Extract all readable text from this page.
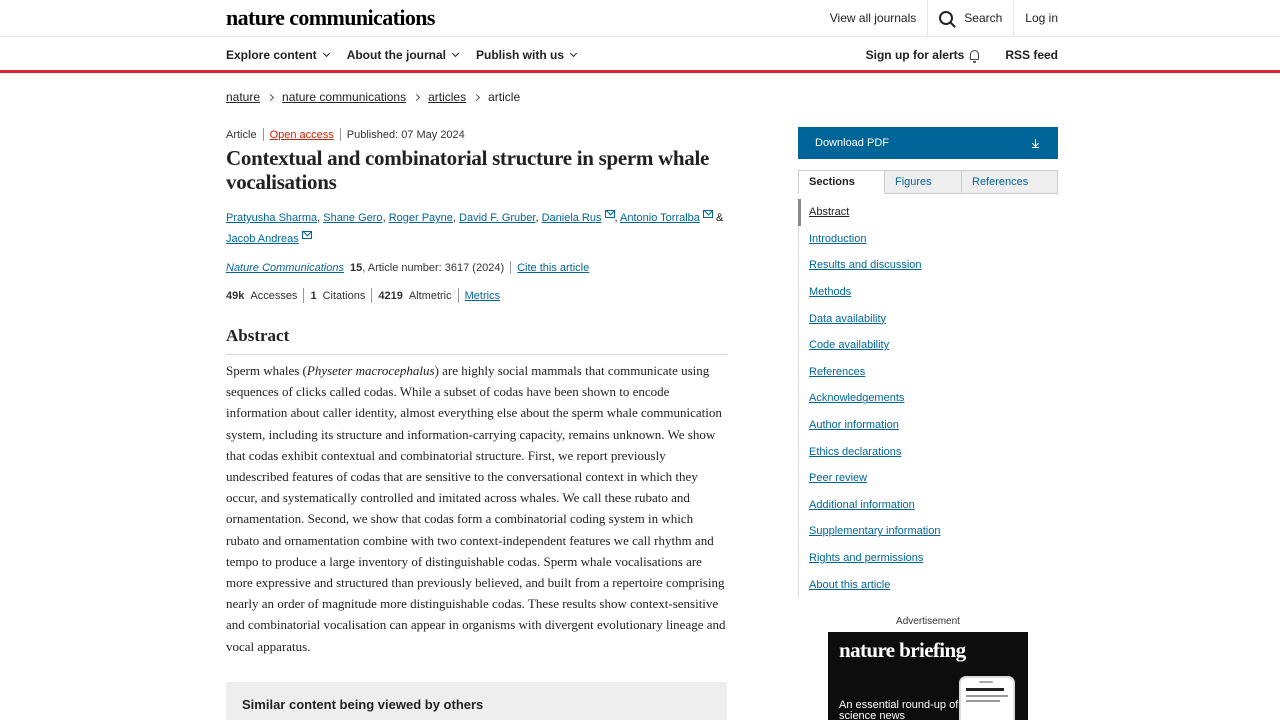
nature communications	View all journals	Search	Log in
Explore content	About the journal	Publish with us	Sign up for alerts	RSS feed
nature nature communications articles article
Article Open access Published: 07 May 2024
Contextual and combinatorial structure in sperm whale vocalisations
Pratyusha Sharma, Shane Gero, Roger Payne, David F. Gruber, Daniela Rus , Antonio Torralba &
Jacob Andreas
Nature Communications 15 , Article number: 3617 (2024) Cite this article
49k Accesses 1 Citations 4219 Altmetric Metrics
Abstract

Sperm whales (Physeter macrocephalus) are highly social mammals that communicate using sequences of clicks called codas. While a subset of codas have been shown to encode information about caller identity, almost everything else about the sperm whale communication system, including its structure and information-carrying capacity, remains unknown. We show that codas exhibit contextual and combinatorial structure. First, we report previously undescribed features of codas that are sensitive to the conversational context in which they occur, and systematically controlled and imitated across whales. We call these rubato and ornamentation. Second, we show that codas form a combinatorial coding system in which rubato and ornamentation combine with two context-independent features we call rhythm and tempo to produce a large inventory of distinguishable codas. Sperm whale vocalisations are more expressive and structured than previously believed, and built from a repertoire comprising nearly an order of magnitude more distinguishable codas. These results show context-sensitive and combinatorial vocalisation can appear in organisms with divergent evolutionary lineage and vocal apparatus.

Similar content being viewed by others
Download PDF
Sections	Figures	References
Abstract
Introduction
Results and discussion
Methods
Data availability
Code availability
References
Acknowledgements
Author information
Ethics declarations
Peer review
Additional information
Supplementary information
Rights and permissions
About this article
Advertisement
nature briefing
An essential round-up of science news
